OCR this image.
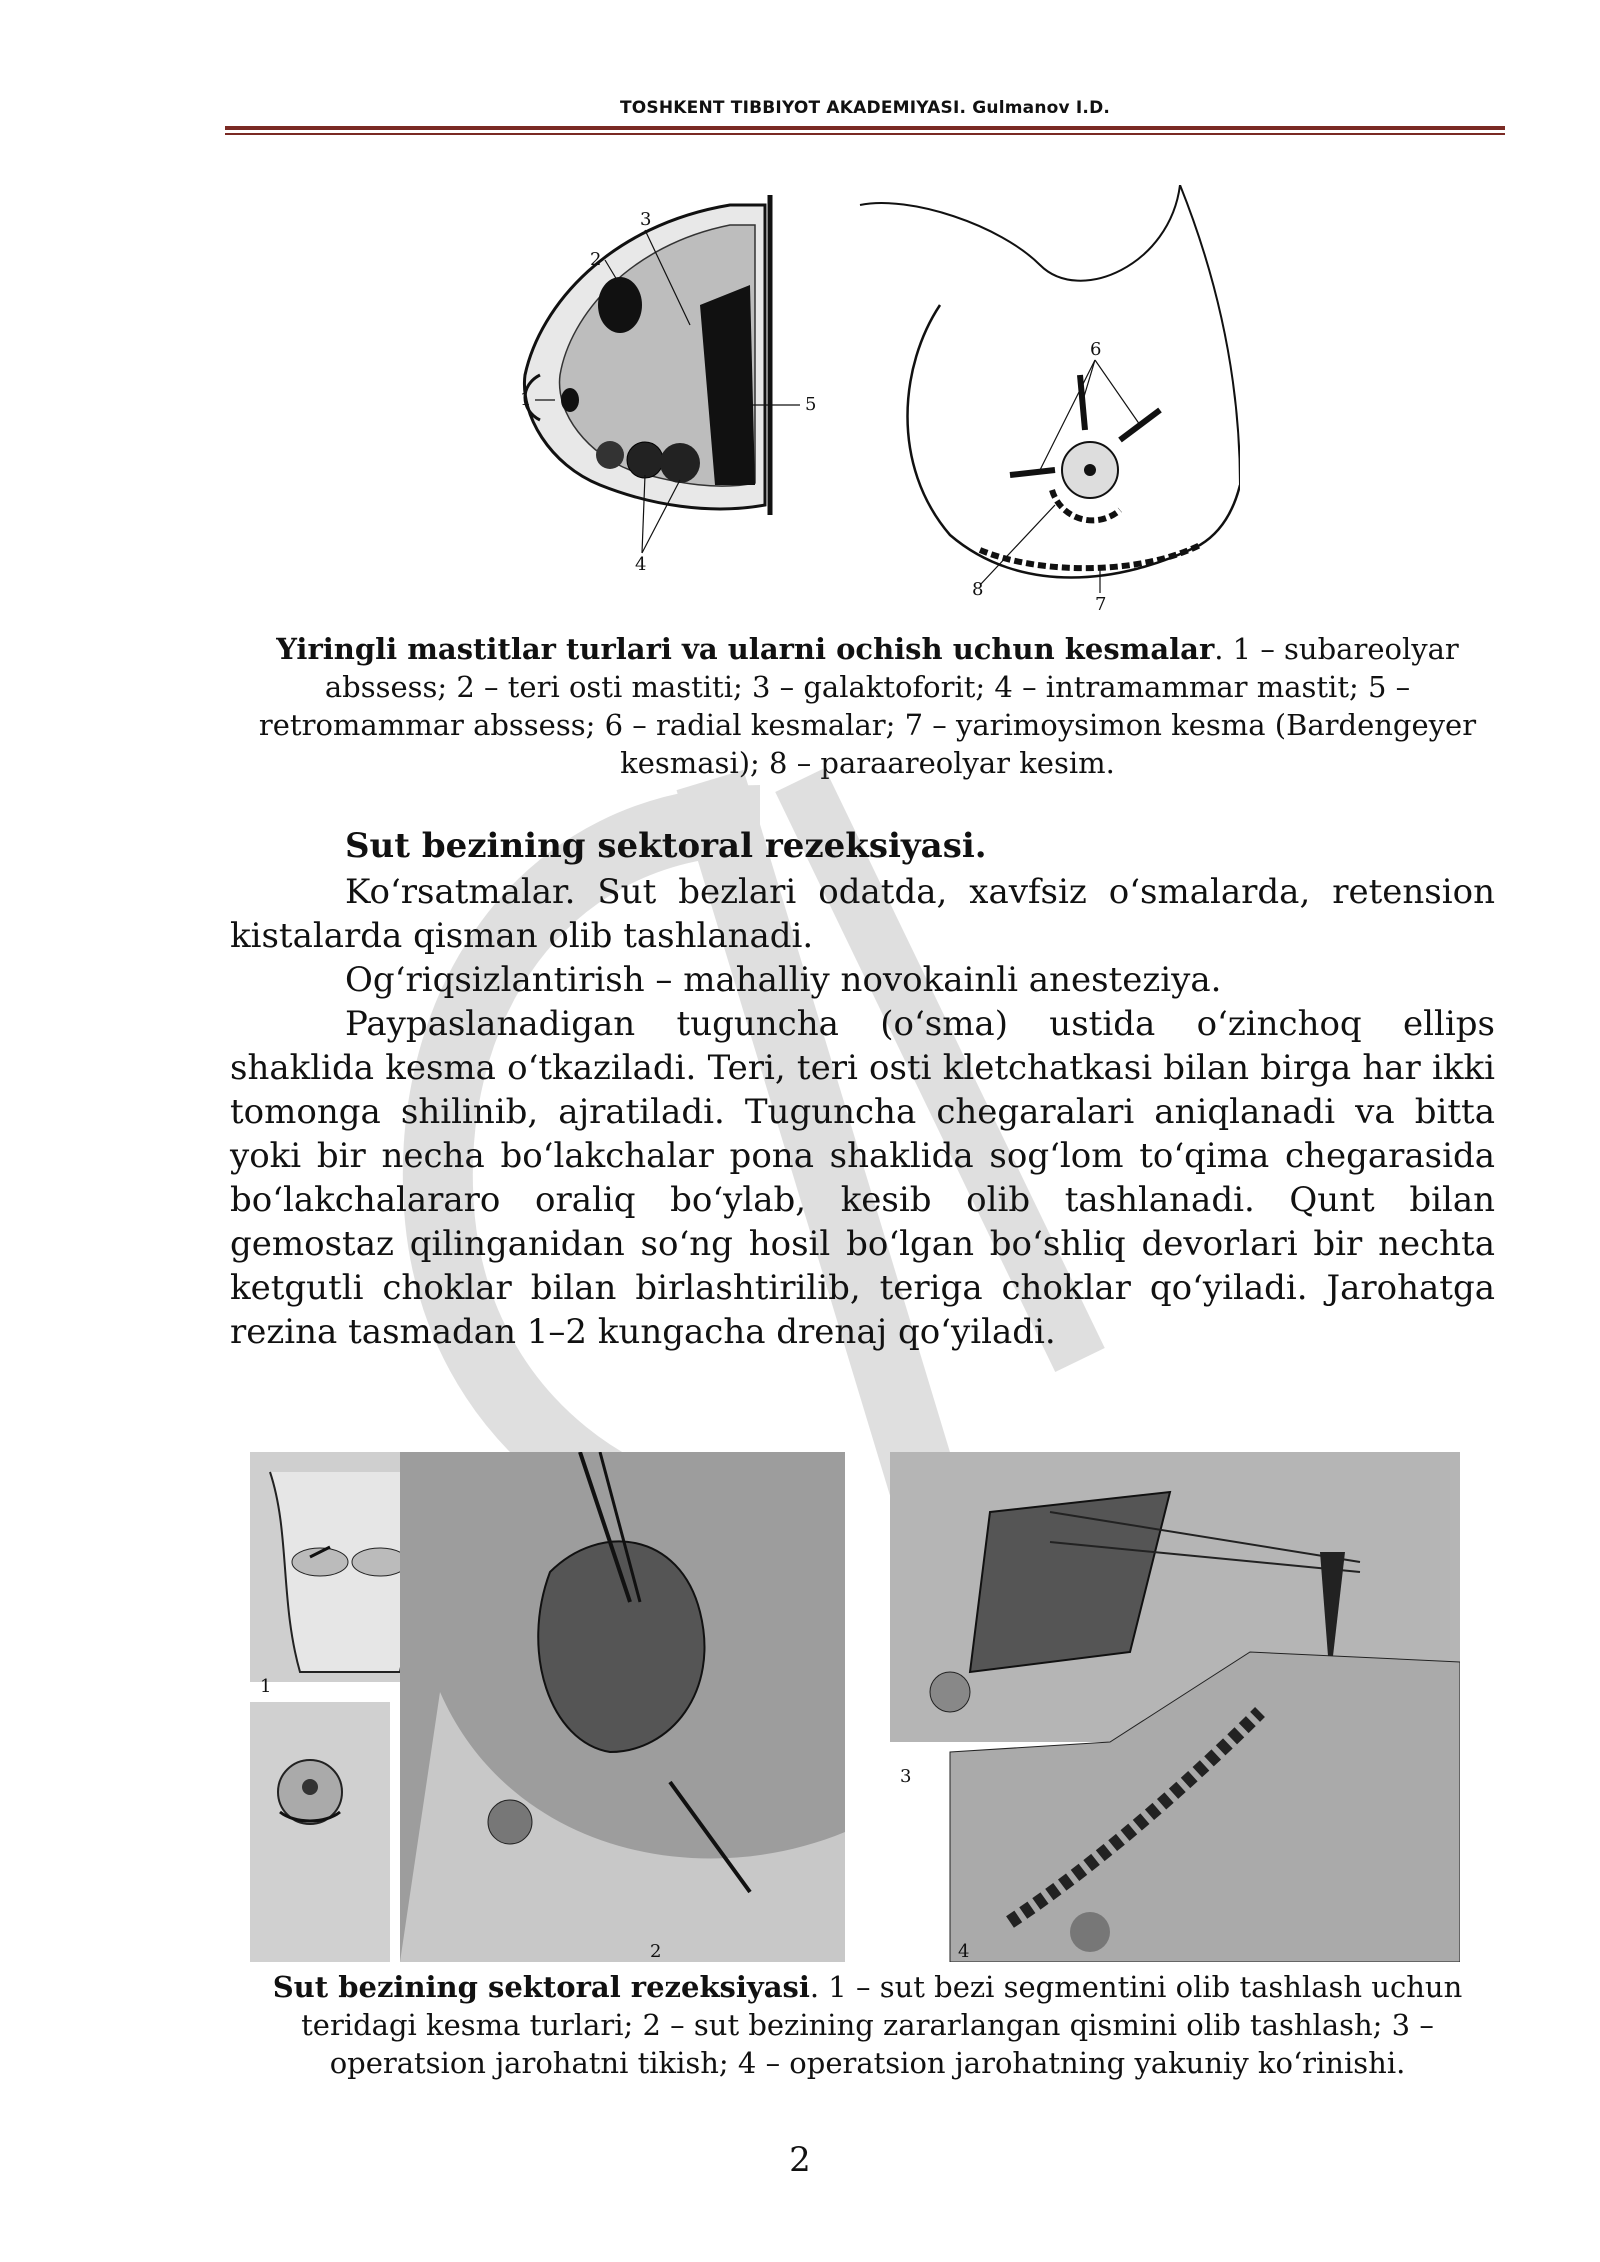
TOSHKENT TIBBIYOT AKADEMIYASI. Gulmanov I.D.
3
2
1
4
5
6
7
8
Yiringli mastitlar turlari va ularni ochish uchun kesmalar. 1 – subareolyar abssess; 2 – teri osti mastiti; 3 – galaktoforit; 4 – intramammar mastit; 5 – retromammar abssess; 6 – radial kesmalar; 7 – yarimoysimon kesma (Bardengeyer kesmasi); 8 – paraareolyar kesim.
Sut bezining sektoral rezeksiyasi.
Ko‘rsatmalar. Sut bezlari odatda, xavfsiz o‘smalarda, retension kistalarda qisman olib tashlanadi.
Og‘riqsizlantirish – mahalliy novokainli anesteziya.
Paypaslanadigan tuguncha (o‘sma) ustida o‘zinchoq ellips shaklida kesma o‘tkaziladi. Teri, teri osti kletchatkasi bilan birga har ikki tomonga shilinib, ajratiladi. Tuguncha chegaralari aniqlanadi va bitta yoki bir necha bo‘lakchalar pona shaklida sog‘lom to‘qima chegarasida bo‘lakchalararo oraliq bo‘ylab, kesib olib tashlanadi. Qunt bilan gemostaz qilinganidan so‘ng hosil bo‘lgan bo‘shliq devorlari bir nechta ketgutli choklar bilan birlashtirilib, teriga choklar qo‘yiladi. Jarohatga rezina tasmadan 1–2 kungacha drenaj qo‘yiladi.
1
2
3
4
Sut bezining sektoral rezeksiyasi. 1 – sut bezi segmentini olib tashlash uchun teridagi kesma turlari; 2 – sut bezining zararlangan qismini olib tashlash; 3 – operatsion jarohatni tikish; 4 – operatsion jarohatning yakuniy ko‘rinishi.
2
